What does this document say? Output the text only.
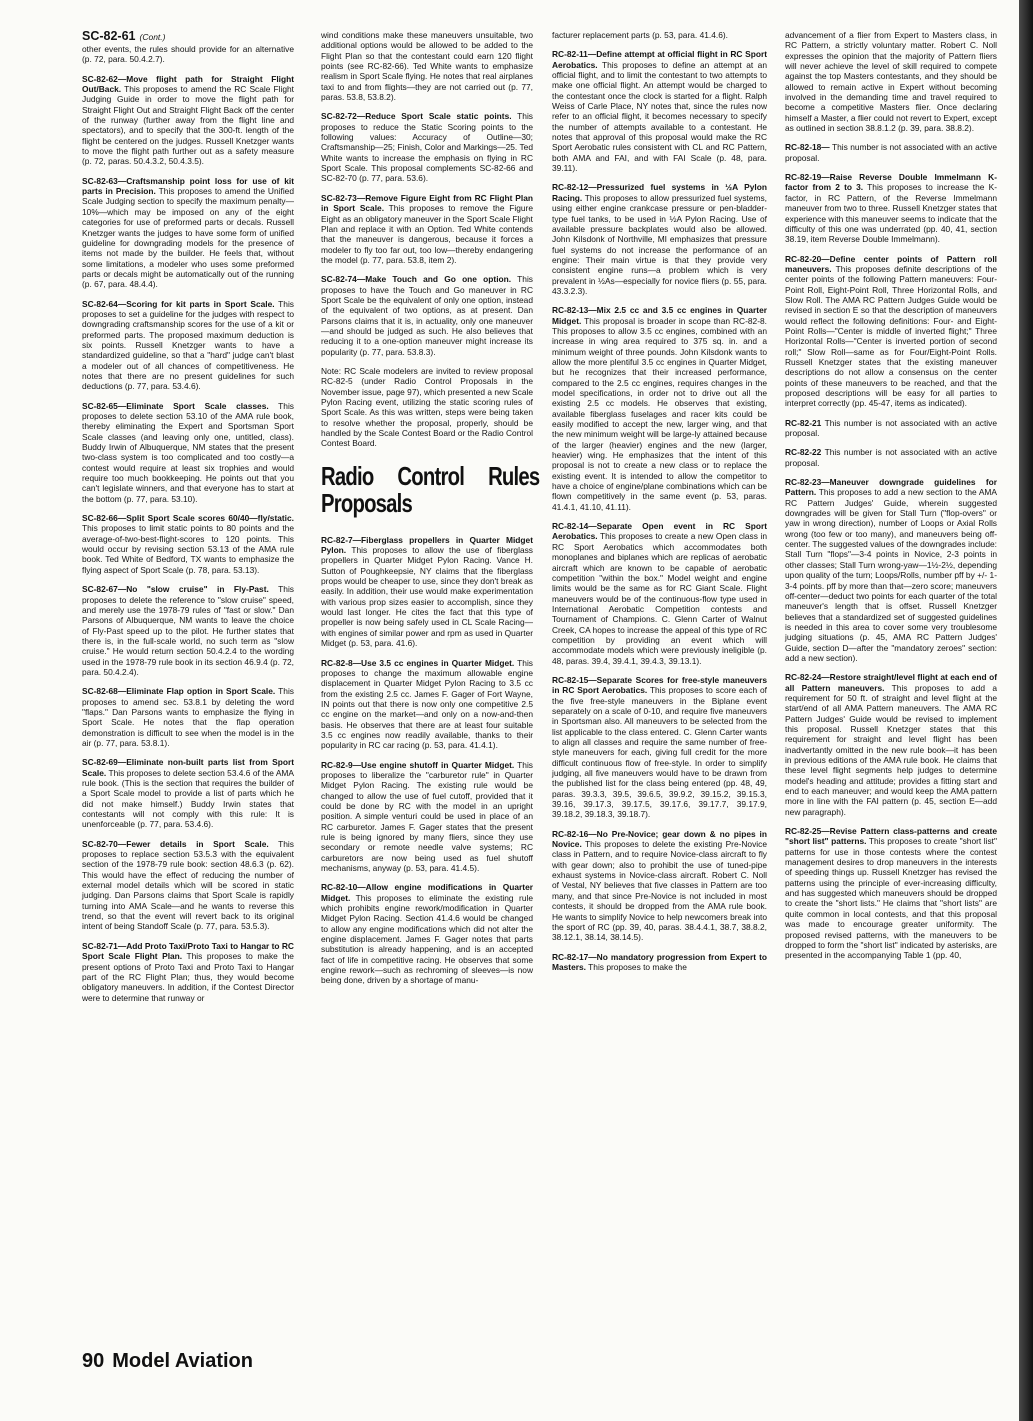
SC-82-61 (Cont.)

other events, the rules should provide for an alternative (p. 72, para. 50.4.2.7).

SC-82-62—Move flight path for Straight Flight Out/Back. This proposes to amend the RC Scale Flight Judging Guide in order to move the flight path for Straight Flight Out and Straight Flight Back off the center of the runway (further away from the flight line and spectators), and to specify that the 300-ft. length of the flight be centered on the judges. Russell Knetzger wants to move the flight path further out as a safety measure (p. 72, paras. 50.4.3.2, 50.4.3.5).

SC-82-63—Craftsmanship point loss for use of kit parts in Precision. This proposes to amend the Unified Scale Judging section to specify the maximum penalty—10%—which may be imposed on any of the eight categories for use of preformed parts or decals. Russell Knetzger wants the judges to have some form of unified guideline for downgrading models for the presence of items not made by the builder. He feels that, without some limitations, a modeler who uses some preformed parts or decals might be automatically out of the running (p. 67, para. 48.4.4).

SC-82-64—Scoring for kit parts in Sport Scale. This proposes to set a guideline for the judges with respect to downgrading craftsmanship scores for the use of a kit or preformed parts. The proposed maximum deduction is six points. Russell Knetzger wants to have a standardized guideline, so that a "hard" judge can't blast a modeler out of all chances of competitiveness. He notes that there are no present guidelines for such deductions (p. 77, para. 53.4.6).

SC-82-65—Eliminate Sport Scale classes. This proposes to delete section 53.10 of the AMA rule book, thereby eliminating the Expert and Sportsman Sport Scale classes (and leaving only one, untitled, class). Buddy Irwin of Albuquerque, NM states that the present two-class system is too complicated and too costly—a contest would require at least six trophies and would require too much bookkeeping. He points out that you can't legislate winners, and that everyone has to start at the bottom (p. 77, para. 53.10).

SC-82-66—Split Sport Scale scores 60/40—fly/static. This proposes to limit static points to 80 points and the average-of-two-best-flight-scores to 120 points. This would occur by revising section 53.13 of the AMA rule book. Ted White of Bedford, TX wants to emphasize the flying aspect of Sport Scale (p. 78, para. 53.13).

SC-82-67—No "slow cruise" in Fly-Past. This proposes to delete the reference to "slow cruise" speed, and merely use the 1978-79 rules of "fast or slow." Dan Parsons of Albuquerque, NM wants to leave the choice of Fly-Past speed up to the pilot. He further states that there is, in the full-scale world, no such term as "slow cruise." He would return section 50.4.2.4 to the wording used in the 1978-79 rule book in its section 46.9.4 (p. 72, para. 50.4.2.4).

SC-82-68—Eliminate Flap option in Sport Scale. This proposes to amend sec. 53.8.1 by deleting the word "flaps." Dan Parsons wants to emphasize the flying in Sport Scale. He notes that the flap operation demonstration is difficult to see when the model is in the air (p. 77, para. 53.8.1).

SC-82-69—Eliminate non-built parts list from Sport Scale. This proposes to delete section 53.4.6 of the AMA rule book. (This is the section that requires the builder of a Sport Scale model to provide a list of parts which he did not make himself.) Buddy Irwin states that contestants will not comply with this rule: It is unenforceable (p. 77, para. 53.4.6).

SC-82-70—Fewer details in Sport Scale. This proposes to replace section 53.5.3 with the equivalent section of the 1978-79 rule book: section 48.6.3 (p. 62). This would have the effect of reducing the number of external model details which will be scored in static judging. Dan Parsons claims that Sport Scale is rapidly turning into AMA Scale—and he wants to reverse this trend, so that the event will revert back to its original intent of being Standoff Scale (p. 77, para. 53.5.3).

SC-82-71—Add Proto Taxi/Proto Taxi to Hangar to RC Sport Scale Flight Plan. This proposes to make the present options of Proto Taxi and Proto Taxi to Hangar part of the RC Flight Plan; thus, they would become obligatory maneuvers. In addition, if the Contest Director were to determine that runway or

wind conditions make these maneuvers unsuitable, two additional options would be allowed to be added to the Flight Plan so that the contestant could earn 120 flight points (see RC-82-66). Ted White wants to emphasize realism in Sport Scale flying. He notes that real airplanes taxi to and from flights—they are not carried out (p. 77, paras. 53.8, 53.8.2).

SC-82-72—Reduce Sport Scale static points. This proposes to reduce the Static Scoring points to the following values: Accuracy of Outline—30; Craftsmanship—25; Finish, Color and Markings—25. Ted White wants to increase the emphasis on flying in RC Sport Scale. This proposal complements SC-82-66 and SC-82-70 (p. 77, para. 53.6).

SC-82-73—Remove Figure Eight from RC Flight Plan in Sport Scale. This proposes to remove the Figure Eight as an obligatory maneuver in the Sport Scale Flight Plan and replace it with an Option. Ted White contends that the maneuver is dangerous, because it forces a modeler to fly too far out, too low—thereby endangering the model (p. 77, para. 53.8, item 2).

SC-82-74—Make Touch and Go one option. This proposes to have the Touch and Go maneuver in RC Sport Scale be the equivalent of only one option, instead of the equivalent of two options, as at present. Dan Parsons claims that it is, in actuality, only one maneuver—and should be judged as such. He also believes that reducing it to a one-option maneuver might increase its popularity (p. 77, para. 53.8.3).

Note: RC Scale modelers are invited to review proposal RC-82-5 (under Radio Control Proposals in the November issue, page 97), which presented a new Scale Pylon Racing event, utilizing the static scoring rules of Sport Scale. As this was written, steps were being taken to resolve whether the proposal, properly, should be handled by the Scale Contest Board or the Radio Control Contest Board.

Radio Control Rules Proposals

RC-82-7—Fiberglass propellers in Quarter Midget Pylon. This proposes to allow the use of fiberglass propellers in Quarter Midget Pylon Racing. Vance H. Sutton of Poughkeepsie, NY claims that the fiberglass props would be cheaper to use, since they don't break as easily. In addition, their use would make experimentation with various prop sizes easier to accomplish, since they would last longer. He cites the fact that this type of propeller is now being safely used in CL Scale Racing—with engines of similar power and rpm as used in Quarter Midget (p. 53, para. 41.6).

RC-82-8—Use 3.5 cc engines in Quarter Midget. This proposes to change the maximum allowable engine displacement in Quarter Midget Pylon Racing to 3.5 cc from the existing 2.5 cc. James F. Gager of Fort Wayne, IN points out that there is now only one competitive 2.5 cc engine on the market—and only on a now-and-then basis. He observes that there are at least four suitable 3.5 cc engines now readily available, thanks to their popularity in RC car racing (p. 53, para. 41.4.1).

RC-82-9—Use engine shutoff in Quarter Midget. This proposes to liberalize the "carburetor rule" in Quarter Midget Pylon Racing. The existing rule would be changed to allow the use of fuel cutoff, provided that it could be done by RC with the model in an upright position. A simple venturi could be used in place of an RC carburetor. James F. Gager states that the present rule is being ignored by many fliers, since they use secondary or remote needle valve systems; RC carburetors are now being used as fuel shutoff mechanisms, anyway (p. 53, para. 41.4.5).

RC-82-10—Allow engine modifications in Quarter Midget. This proposes to eliminate the existing rule which prohibits engine rework/modification in Quarter Midget Pylon Racing. Section 41.4.6 would be changed to allow any engine modifications which did not alter the engine displacement. James F. Gager notes that parts substitution is already happening, and is an accepted fact of life in competitive racing. He observes that some engine rework—such as rechroming of sleeves—is now being done, driven by a shortage of manu-

facturer replacement parts (p. 53, para. 41.4.6).

RC-82-11—Define attempt at official flight in RC Sport Aerobatics. This proposes to define an attempt at an official flight, and to limit the contestant to two attempts to make one official flight. An attempt would be charged to the contestant once the clock is started for a flight. Ralph Weiss of Carle Place, NY notes that, since the rules now refer to an official flight, it becomes necessary to specify the number of attempts available to a contestant. He notes that approval of this proposal would make the RC Sport Aerobatic rules consistent with CL and RC Pattern, both AMA and FAI, and with FAI Scale (p. 48, para. 39.11).

RC-82-12—Pressurized fuel systems in ½A Pylon Racing. This proposes to allow pressurized fuel systems, using either engine crankcase pressure or pen-bladder-type fuel tanks, to be used in ½A Pylon Racing. Use of available pressure backplates would also be allowed. John Kilsdonk of Northville, MI emphasizes that pressure fuel systems do not increase the performance of an engine: Their main virtue is that they provide very consistent engine runs—a problem which is very prevalent in ½As—especially for novice fliers (p. 55, para. 43.3.2.3).

RC-82-13—Mix 2.5 cc and 3.5 cc engines in Quarter Midget. This proposal is broader in scope than RC-82-8. This proposes to allow 3.5 cc engines, combined with an increase in wing area required to 375 sq. in. and a minimum weight of three pounds. John Kilsdonk wants to allow the more plentiful 3.5 cc engines in Quarter Midget, but he recognizes that their increased performance, compared to the 2.5 cc engines, requires changes in the model specifications, in order not to drive out all the existing 2.5 cc models. He observes that existing, available fiberglass fuselages and racer kits could be easily modified to accept the new, larger wing, and that the new minimum weight will be large-ly attained because of the larger (heavier) engines and the new (larger, heavier) wing. He emphasizes that the intent of this proposal is not to create a new class or to replace the existing event. It is intended to allow the competitor to have a choice of engine/plane combinations which can be flown competitively in the same event (p. 53, paras. 41.4.1, 41.10, 41.11).

RC-82-14—Separate Open event in RC Sport Aerobatics. This proposes to create a new Open class in RC Sport Aerobatics which accommodates both monoplanes and biplanes which are replicas of aerobatic aircraft which are known to be capable of aerobatic competition "within the box." Model weight and engine limits would be the same as for RC Giant Scale. Flight maneuvers would be of the continuous-flow type used in International Aerobatic Competition contests and Tournament of Champions. C. Glenn Carter of Walnut Creek, CA hopes to increase the appeal of this type of RC competition by providing an event which will accommodate models which were previously ineligible (p. 48, paras. 39.4, 39.4.1, 39.4.3, 39.13.1).

RC-82-15—Separate Scores for free-style maneuvers in RC Sport Aerobatics. This proposes to score each of the five free-style maneuvers in the Biplane event separately on a scale of 0-10, and require five maneuvers in Sportsman also. All maneuvers to be selected from the list applicable to the class entered. C. Glenn Carter wants to align all classes and require the same number of free-style maneuvers for each, giving full credit for the more difficult continuous flow of free-style. In order to simplify judging, all five maneuvers would have to be drawn from the published list for the class being entered (pp. 48, 49, paras. 39.3.3, 39.5, 39.6.5, 39.9.2, 39.15.2, 39.15.3, 39.16, 39.17.3, 39.17.5, 39.17.6, 39.17.7, 39.17.9, 39.18.2, 39.18.3, 39.18.7).

RC-82-16—No Pre-Novice; gear down & no pipes in Novice. This proposes to delete the existing Pre-Novice class in Pattern, and to require Novice-class aircraft to fly with gear down; also to prohibit the use of tuned-pipe exhaust systems in Novice-class aircraft. Robert C. Noll of Vestal, NY believes that five classes in Pattern are too many, and that since Pre-Novice is not included in most contests, it should be dropped from the AMA rule book. He wants to simplify Novice to help newcomers break into the sport of RC (pp. 39, 40, paras. 38.4.4.1, 38.7, 38.8.2, 38.12.1, 38.14, 38.14.5).

RC-82-17—No mandatory progression from Expert to Masters. This proposes to make the

advancement of a flier from Expert to Masters class, in RC Pattern, a strictly voluntary matter. Robert C. Noll expresses the opinion that the majority of Pattern fliers will never achieve the level of skill required to compete against the top Masters contestants, and they should be allowed to remain active in Expert without becoming involved in the demanding time and travel required to become a competitive Masters flier. Once declaring himself a Master, a flier could not revert to Expert, except as outlined in section 38.8.1.2 (p. 39, para. 38.8.2).

RC-82-18— This number is not associated with an active proposal.

RC-82-19—Raise Reverse Double Immelmann K-factor from 2 to 3. This proposes to increase the K-factor, in RC Pattern, of the Reverse Immelmann maneuver from two to three. Russell Knetzger states that experience with this maneuver seems to indicate that the difficulty of this one was underrated (pp. 40, 41, section 38.19, item Reverse Double Immelmann).

RC-82-20—Define center points of Pattern roll maneuvers. This proposes definite descriptions of the center points of the following Pattern maneuvers: Four-Point Roll, Eight-Point Roll, Three Horizontal Rolls, and Slow Roll. The AMA RC Pattern Judges Guide would be revised in section E so that the description of maneuvers would reflect the following definitions: Four- and Eight-Point Rolls—"Center is middle of inverted flight;" Three Horizontal Rolls—"Center is inverted portion of second roll;" Slow Roll—same as for Four/Eight-Point Rolls. Russell Knetzger states that the existing maneuver descriptions do not allow a consensus on the center points of these maneuvers to be reached, and that the proposed descriptions will be easy for all parties to interpret correctly (pp. 45-47, items as indicated).

RC-82-21 This number is not associated with an active proposal.

RC-82-22 This number is not associated with an active proposal.

RC-82-23—Maneuver downgrade guidelines for Pattern. This proposes to add a new section to the AMA RC Pattern Judges' Guide, wherein suggested downgrades will be given for Stall Turn ("flop-overs" or yaw in wrong direction), number of Loops or Axial Rolls wrong (too few or too many), and maneuvers being off-center. The suggested values of the downgrades include: Stall Turn "flops"—3-4 points in Novice, 2-3 points in other classes; Stall Turn wrong-yaw—1½-2½, depending upon quality of the turn; Loops/Rolls, number pff by +/- 1-3-4 points. pff by more than that—zero score; maneuvers off-center—deduct two points for each quarter of the total maneuver's length that is offset. Russell Knetzger believes that a standardized set of suggested guidelines is needed in this area to cover some very troublesome judging situations (p. 45, AMA RC Pattern Judges' Guide, section D—after the "mandatory zeroes" section: add a new section).

RC-82-24—Restore straight/level flight at each end of all Pattern maneuvers. This proposes to add a requirement for 50 ft. of straight and level flight at the start/end of all AMA Pattern maneuvers. The AMA RC Pattern Judges' Guide would be revised to implement this proposal. Russell Knetzger states that this requirement for straight and level flight has been inadvertantly omitted in the new rule book—it has been in previous editions of the AMA rule book. He claims that these level flight segments help judges to determine model's heading and attitude; provides a fitting start and end to each maneuver; and would keep the AMA pattern more in line with the FAI pattern (p. 45, section E—add new paragraph).

RC-82-25—Revise Pattern class-patterns and create "short list" patterns. This proposes to create "short list" patterns for use in those contests where the contest management desires to drop maneuvers in the interests of speeding things up. Russell Knetzger has revised the patterns using the principle of ever-increasing difficulty, and has suggested which maneuvers should be dropped to create the "short lists." He claims that "short lists" are quite common in local contests, and that this proposal was made to encourage greater uniformity. The proposed revised patterns, with the maneuvers to be dropped to form the "short list" indicated by asterisks, are presented in the accompanying Table 1 (pp. 40,

90 Model Aviation
